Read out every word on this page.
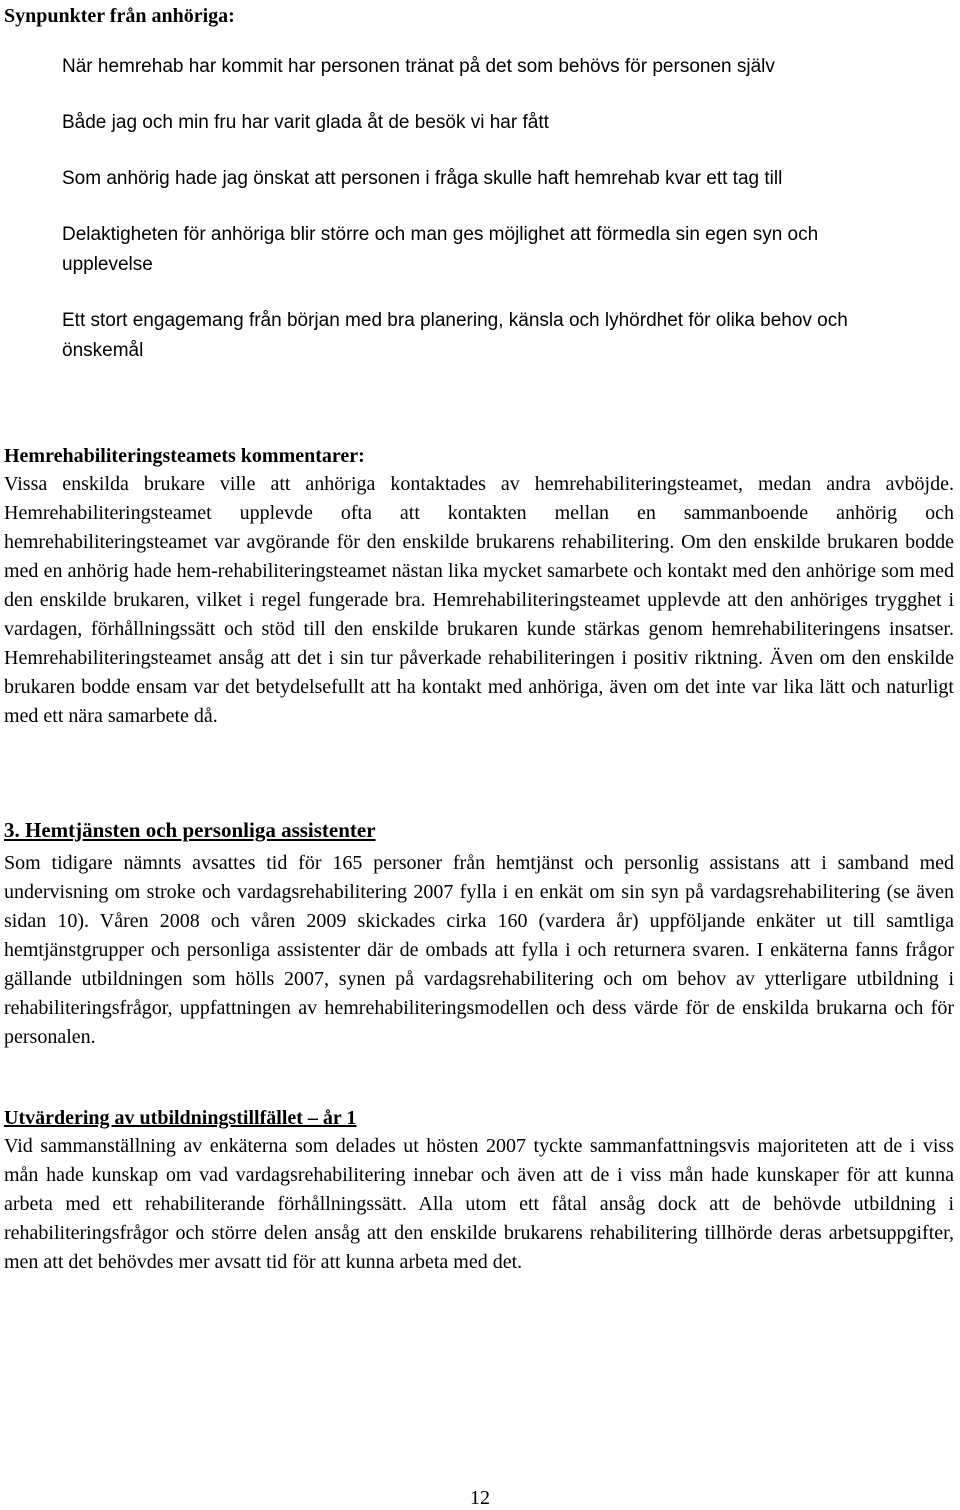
Synpunkter från anhöriga:

När hemrehab har kommit har personen tränat på det som behövs för personen själv

Både jag och min fru har varit glada åt de besök vi har fått

Som anhörig hade jag önskat att personen i fråga skulle haft hemrehab kvar ett tag till

Delaktigheten för anhöriga blir större och man ges möjlighet att förmedla sin egen syn och upplevelse

Ett stort engagemang från början med bra planering, känsla och lyhördhet för olika behov och önskemål

Hemrehabiliteringsteamets kommentarer:

Vissa enskilda brukare ville att anhöriga kontaktades av hemrehabiliteringsteamet, medan andra avböjde. Hemrehabiliteringsteamet upplevde ofta att kontakten mellan en sammanboende anhörig och hemrehabiliteringsteamet var avgörande för den enskilde brukarens rehabilitering. Om den enskilde brukaren bodde med en anhörig hade hem-rehabiliteringsteamet nästan lika mycket samarbete och kontakt med den anhörige som med den enskilde brukaren, vilket i regel fungerade bra. Hemrehabiliteringsteamet upplevde att den anhöriges trygghet i vardagen, förhållningssätt och stöd till den enskilde brukaren kunde stärkas genom hemrehabiliteringens insatser. Hemrehabiliteringsteamet ansåg att det i sin tur påverkade rehabiliteringen i positiv riktning. Även om den enskilde brukaren bodde ensam var det betydelsefullt att ha kontakt med anhöriga, även om det inte var lika lätt och naturligt med ett nära samarbete då.

3. Hemtjänsten och personliga assistenter

Som tidigare nämnts avsattes tid för 165 personer från hemtjänst och personlig assistans att i samband med undervisning om stroke och vardagsrehabilitering 2007 fylla i en enkät om sin syn på vardagsrehabilitering (se även sidan 10). Våren 2008 och våren 2009 skickades cirka 160 (vardera år) uppföljande enkäter ut till samtliga hemtjänstgrupper och personliga assistenter där de ombads att fylla i och returnera svaren. I enkäterna fanns frågor gällande utbildningen som hölls 2007, synen på vardagsrehabilitering och om behov av ytterligare utbildning i rehabiliteringsfrågor, uppfattningen av hemrehabiliteringsmodellen och dess värde för de enskilda brukarna och för personalen.

Utvärdering av utbildningstillfället – år 1

Vid sammanställning av enkäterna som delades ut hösten 2007 tyckte sammanfattningsvis majoriteten att de i viss mån hade kunskap om vad vardagsrehabilitering innebar och även att de i viss mån hade kunskaper för att kunna arbeta med ett rehabiliterande förhållningssätt. Alla utom ett fåtal ansåg dock att de behövde utbildning i rehabiliteringsfrågor och större delen ansåg att den enskilde brukarens rehabilitering tillhörde deras arbetsuppgifter, men att det behövdes mer avsatt tid för att kunna arbeta med det.

12
